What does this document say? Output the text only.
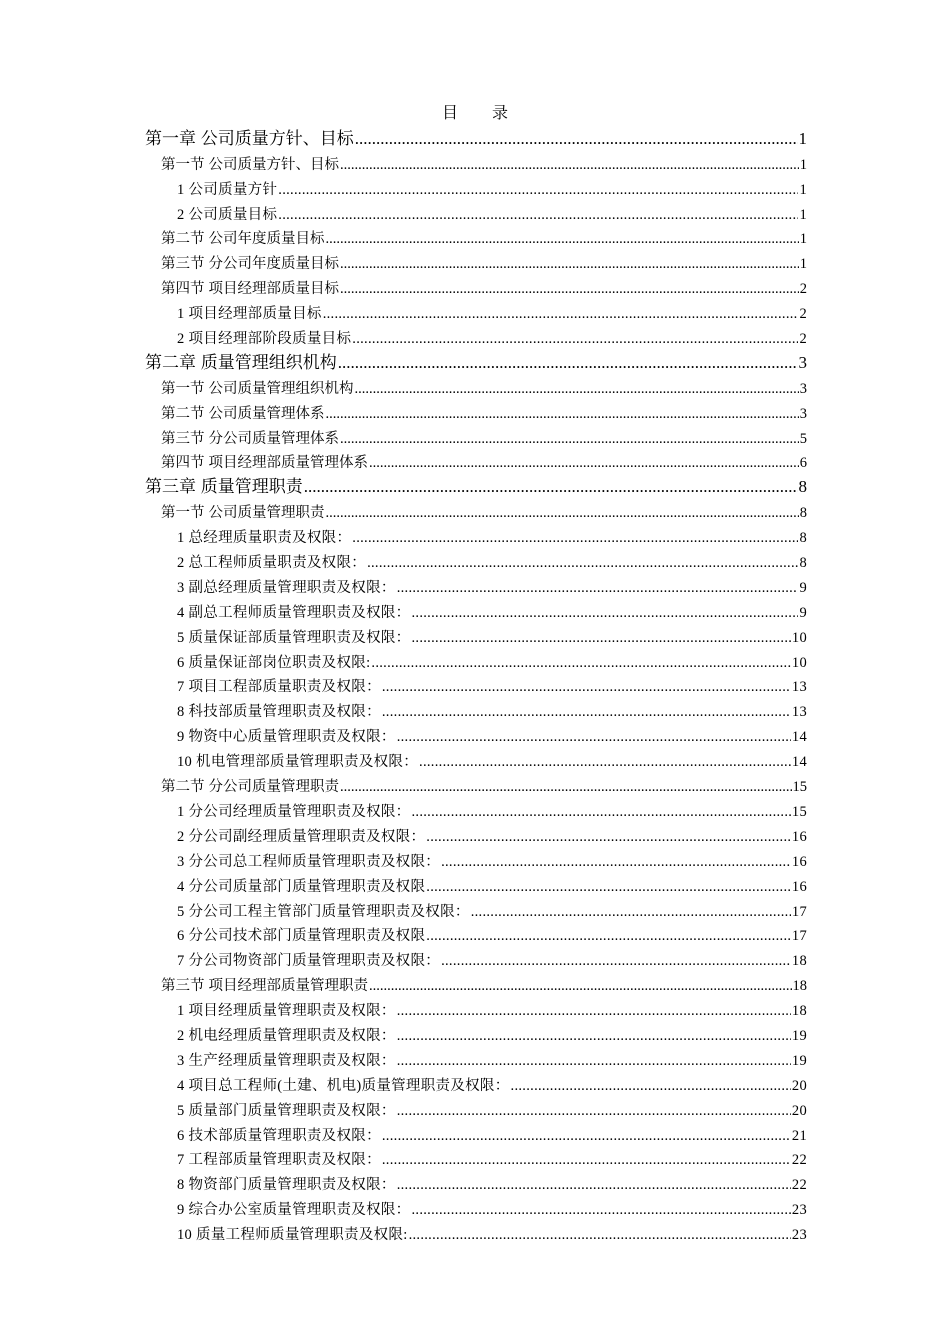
目录
第一章 公司质量方针、目标 .....	1
第一节 公司质量方针、目标 .....	1
1 公司质量方针 .....	1
2 公司质量目标 .....	1
第二节 公司年度质量目标 .....	1
第三节 分公司年度质量目标 .....	1
第四节 项目经理部质量目标 .....	2
1 项目经理部质量目标 .....	2
2 项目经理部阶段质量目标 .....	2
第二章 质量管理组织机构 .....	3
第一节 公司质量管理组织机构 .....	3
第二节 公司质量管理体系 .....	3
第三节 分公司质量管理体系 .....	5
第四节 项目经理部质量管理体系 .....	6
第三章 质量管理职责 .....	8
第一节 公司质量管理职责 .....	8
1 总经理质量职责及权限： .....	8
2 总工程师质量职责及权限： .....	8
3 副总经理质量管理职责及权限： .....	9
4 副总工程师质量管理职责及权限： .....	9
5 质量保证部质量管理职责及权限： .....	10
6 质量保证部岗位职责及权限: .....	10
7 项目工程部质量职责及权限： .....	13
8 科技部质量管理职责及权限： .....	13
9 物资中心质量管理职责及权限： .....	14
10 机电管理部质量管理职责及权限： .....	14
第二节 分公司质量管理职责 .....	15
1 分公司经理质量管理职责及权限： .....	15
2 分公司副经理质量管理职责及权限： .....	16
3 分公司总工程师质量管理职责及权限： .....	16
4 分公司质量部门质量管理职责及权限 .....	16
5 分公司工程主管部门质量管理职责及权限： .....	17
6 分公司技术部门质量管理职责及权限 .....	17
7 分公司物资部门质量管理职责及权限： .....	18
第三节 项目经理部质量管理职责 .....	18
1 项目经理质量管理职责及权限： .....	18
2 机电经理质量管理职责及权限： .....	19
3 生产经理质量管理职责及权限： .....	19
4 项目总工程师(土建、机电)质量管理职责及权限： .....	20
5 质量部门质量管理职责及权限： .....	20
6 技术部质量管理职责及权限： .....	21
7 工程部质量管理职责及权限： .....	22
8 物资部门质量管理职责及权限： .....	22
9 综合办公室质量管理职责及权限： .....	23
10 质量工程师质量管理职责及权限: .....	23
